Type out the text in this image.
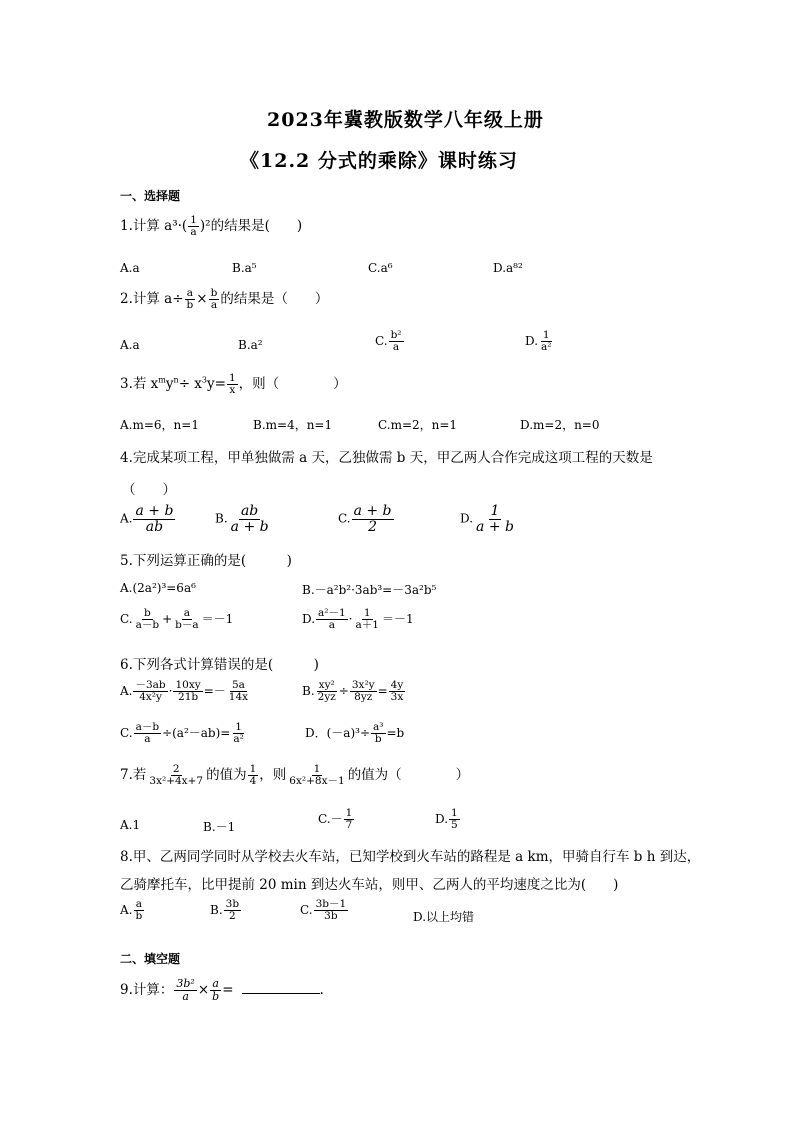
2023年冀教版数学八年级上册
《12.2 分式的乘除》课时练习
一、选择题
1.计算 $a^3\cdot( \frac{1}{a} )^2$的结果是(　　)
A.a	B.a⁵	C.a⁶	D.a⁸²
2.计算 $a\div \frac{a}{b} \times \frac{b}{a}$ 的结果是（　　）
A.a	B.a²	C. $\frac{\text{b²}}{a}$	D. $\frac{1}{\text{a²}}$
3.若 $x^my^n\div x^3y= \frac{1}{x}$ ，则（　　　　）
A.m=6，n=1	B.m=4，n=1	C.m=2，n=1	D.m=2，n=0
4.完成某项工程，甲单独做需 a 天，乙独做需 b 天，甲乙两人合作完成这项工程的天数是
（　　）
A. $\frac{a + b}{ab}$	B. $\frac{ab}{a + b}$	C. $\frac{a + b}{2}$	D. $\frac{1}{a + b}$
5.下列运算正确的是(　　　)
A.(2a²)³=6a⁶	B.－a²b²·3ab³=－3a²b⁵
C. $\frac{b}{a-b} + \frac{a}{b-a} =-1$	D. $\frac{\text{a²－1}}{a} \cdot \frac{1}{a+1} =-1$
6.下列各式计算错误的是(　　　)
A. $\frac{-3ab}{\text{4x²y}} \cdot \frac{10xy}{21b} =- \frac{5a}{14x}$	B. $\frac{\text{xy²}}{2yz} \div \frac{\text{3x²y}}{8yz} = \frac{4y}{3x}$
C. $\frac{a-b}{a} \div(a^2-ab)= \frac{1}{\text{a²}}$	D．$(-a)^3\div \frac{\text{a³}}{b} =b$
7.若 $\frac{2}{\text{3x²+4x+7}}$ 的值为 $\frac{1}{4}$ ，则 $\frac{1}{\text{6x²+8x－1}}$ 的值为（　　　　）
A.1	B.－1
$C.- \frac{1}{7}$	D. $\frac{1}{5}$
8.甲、乙两同学同时从学校去火车站，已知学校到火车站的路程是 a km，甲骑自行车 b h 到达，
乙骑摩托车，比甲提前 20 min 到达火车站，则甲、乙两人的平均速度之比为(　　)
A. $\frac{a}{b}$	B. $\frac{3b}{2}$	C. $\frac{3b-1}{3b}$	D.以上均错
二、填空题
9.计算： $\frac{\text{3b²}}{a} \times \frac{a}{b}$ =	.
